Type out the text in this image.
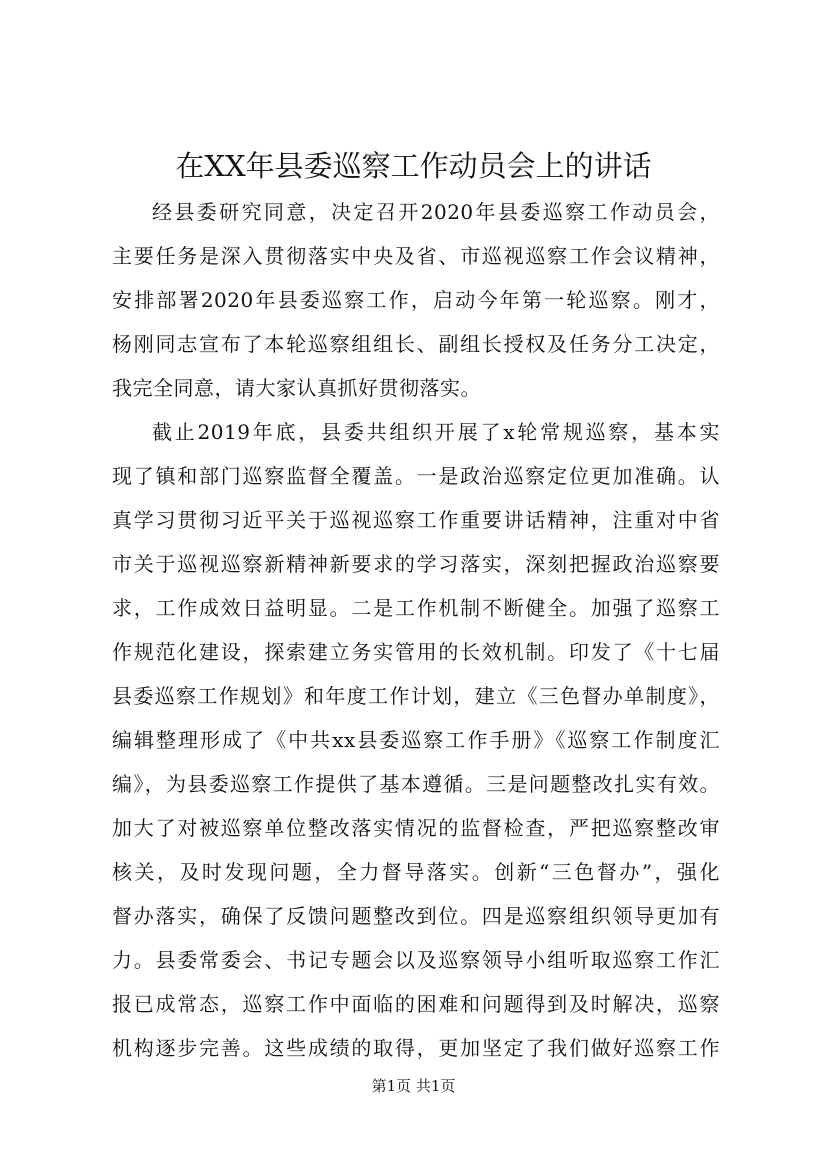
在XX年县委巡察工作动员会上的讲话
经县委研究同意，决定召开2020年县委巡察工作动员会，
主要任务是深入贯彻落实中央及省、市巡视巡察工作会议精神，
安排部署2020年县委巡察工作，启动今年第一轮巡察。刚才，
杨刚同志宣布了本轮巡察组组长、副组长授权及任务分工决定，
我完全同意，请大家认真抓好贯彻落实。
截止2019年底，县委共组织开展了x轮常规巡察，基本实
现了镇和部门巡察监督全覆盖。一是政治巡察定位更加准确。认
真学习贯彻习近平关于巡视巡察工作重要讲话精神，注重对中省
市关于巡视巡察新精神新要求的学习落实，深刻把握政治巡察要
求，工作成效日益明显。二是工作机制不断健全。加强了巡察工
作规范化建设，探索建立务实管用的长效机制。印发了《十七届
县委巡察工作规划》和年度工作计划，建立《三色督办单制度》，
编辑整理形成了《中共xx县委巡察工作手册》《巡察工作制度汇
编》，为县委巡察工作提供了基本遵循。三是问题整改扎实有效。
加大了对被巡察单位整改落实情况的监督检查，严把巡察整改审
核关，及时发现问题，全力督导落实。创新“三色督办”，强化
督办落实，确保了反馈问题整改到位。四是巡察组织领导更加有
力。县委常委会、书记专题会以及巡察领导小组听取巡察工作汇
报已成常态，巡察工作中面临的困难和问题得到及时解决，巡察
机构逐步完善。这些成绩的取得，更加坚定了我们做好巡察工作
第1页 共1页
